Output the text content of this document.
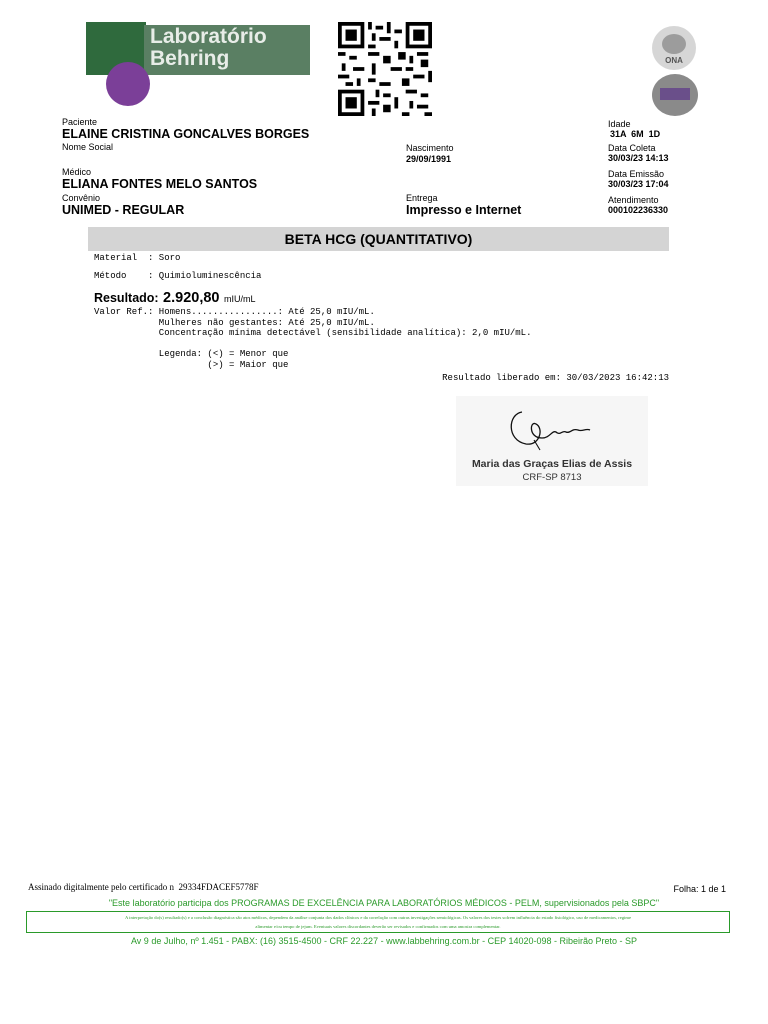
Laboratório
Behring	ONA
Paciente
ELAINE CRISTINA GONCALVES BORGES
Nome Social	Nascimento
29/09/1991
Médico
ELIANA FONTES MELO SANTOS
Convênio
UNIMED - REGULAR
Entrega
Impresso e Internet
Idade
31A  6M  1D
Data Coleta
30/03/23 14:13
Data Emissão
30/03/23 17:04
Atendimento
000102236330
BETA HCG (QUANTITATIVO)
Material  : Soro
Método    : Quimioluminescência
Resultado: 2.920,80 mIU/mL
Valor Ref.: Homens................: Até 25,0 mIU/mL.
Mulheres não gestantes: Até 25,0 mIU/mL.
Concentração mínima detectável (sensibilidade analítica): 2,0 mIU/mL.
Legenda: (<) = Menor que
(>) = Maior que
Resultado liberado em: 30/03/2023 16:42:13
Maria das Graças Elias de Assis
CRF-SP 8713
Assinado digitalmente pelo certificado n  29334FDACEF5778F	Folha: 1 de 1
"Este laboratório participa dos PROGRAMAS DE EXCELÊNCIA PARA LABORATÓRIOS MÉDICOS - PELM, supervisionados pela SBPC"
A interpretação do(s) resultado(s) e a conclusão diagnóstica são atos médicos, dependem da análise conjunta dos dados clínicos e da correlação com outras investigações semiológicas. Os valores dos testes sofrem influência do estado fisiológico, uso de medicamentos, regime
alimentar e/ou tempo de jejum. Eventuais valores discordantes deverão ser revisados e confirmados com uma amostra complementar.
Av 9 de Julho, nº 1.451 - PABX: (16) 3515-4500 - CRF 22.227 - www.labbehring.com.br - CEP 14020-098 - Ribeirão Preto - SP
